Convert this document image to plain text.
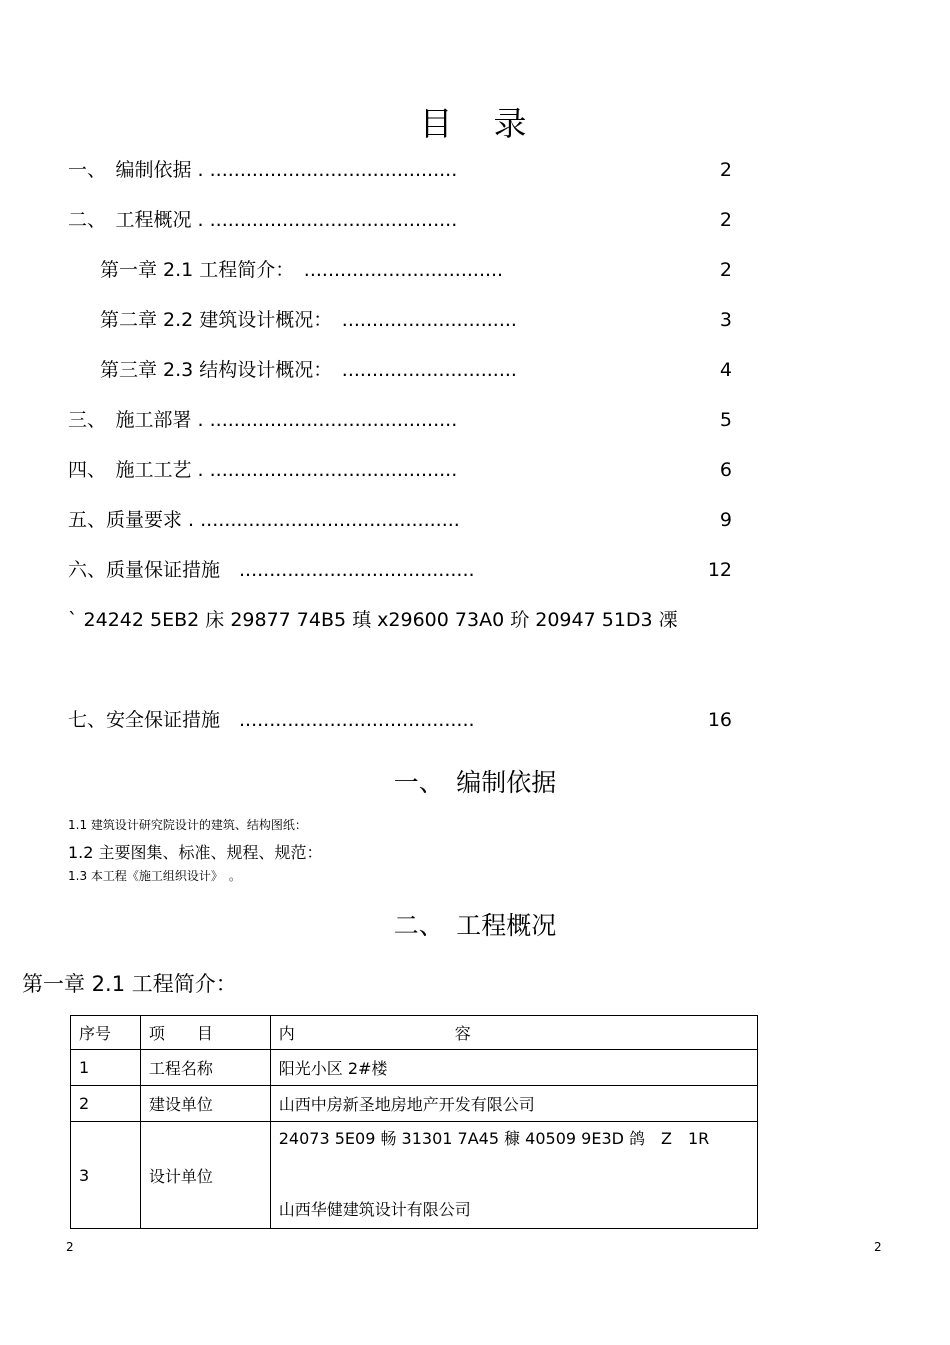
目　录
一、　编制依据 . .........................................	2
二、　工程概况 . .........................................	2
第一章 2.1 工程简介：　.................................	2
第二章 2.2 建筑设计概况：　.............................	3
第三章 2.3 结构设计概况：　.............................	4
三、　施工部署 . .........................................	5
四、　施工工艺 . .........................................	6
五、质量要求 . ...........................................	9
六、质量保证措施　.......................................	12
` 24242 5EB2 床 29877 74B5 瑱 x29600 73A0 玠 20947 51D3 凓
七、安全保证措施　.......................................	16
一、　编制依据
1.1 建筑设计研究院设计的建筑、结构图纸：
1.2 主要图集、标准、规程、规范：
1.3 本工程《施工组织设计》　。
二、　工程概况
第一章 2.1 工程简介：
序号	项　　目	内　　　　　　　　　　容
1	工程名称	阳光小区 2#楼
2	建设单位	山西中房新圣地房地产开发有限公司
3	设计单位	24073 5E09 畅 31301 7A45 穅 40509 9E3D 鸽　Z　1R
山西华健建筑设计有限公司
2	2
